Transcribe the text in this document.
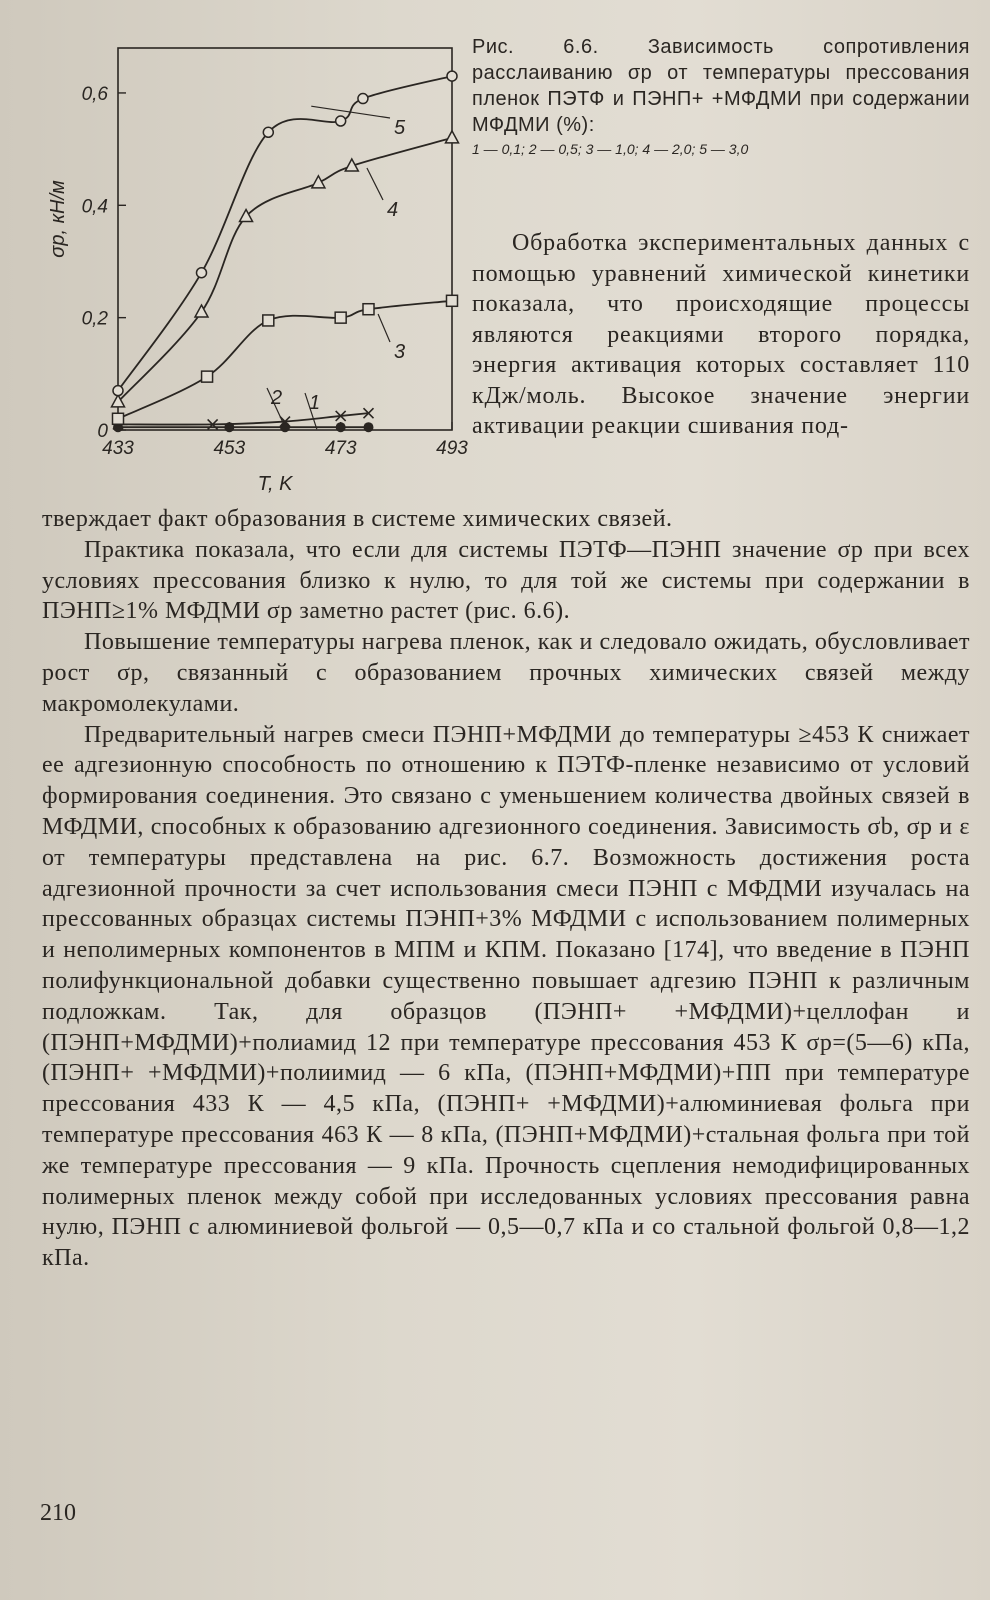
433	453	473	493
0
0,2
0,4
0,6
T, K
σр, кН/м
1
2
3
4
5
Рис. 6.6. Зависимость сопротивления расслаиванию σр от температуры прессования пленок ПЭТФ и ПЭНП+ +МФДМИ при содержании МФДМИ (%):
1 — 0,1; 2 — 0,5; 3 — 1,0; 4 — 2,0; 5 — 3,0
Обработка экспериментальных данных с помощью уравнений химической кинетики показала, что происходящие процессы являются реакциями второго порядка, энергия активация которых составляет 110 кДж/моль. Высокое значение энергии активации реакции сшивания под-

тверждает факт образования в системе химических связей.

Практика показала, что если для системы ПЭТФ—ПЭНП значение σр при всех условиях прессования близко к нулю, то для той же системы при содержании в ПЭНП≥1% МФДМИ σр заметно растет (рис. 6.6).

Повышение температуры нагрева пленок, как и следовало ожидать, обусловливает рост σр, связанный с образованием прочных химических связей между макромолекулами.

Предварительный нагрев смеси ПЭНП+МФДМИ до температуры ≥453 К снижает ее адгезионную способность по отношению к ПЭТФ-пленке независимо от условий формирования соединения. Это связано с уменьшением количества двойных связей в МФДМИ, способных к образованию адгезионного соединения. Зависимость σb, σр и ε от температуры представлена на рис. 6.7. Возможность достижения роста адгезионной прочности за счет использования смеси ПЭНП с МФДМИ изучалась на прессованных образцах системы ПЭНП+3% МФДМИ с использованием полимерных и неполимерных компонентов в МПМ и КПМ. Показано [174], что введение в ПЭНП полифункциональной добавки существенно повышает адгезию ПЭНП к различным подложкам. Так, для образцов (ПЭНП+ +МФДМИ)+целлофан и (ПЭНП+МФДМИ)+полиамид 12 при температуре прессования 453 К σр=(5—6) кПа, (ПЭНП+ +МФДМИ)+полиимид — 6 кПа, (ПЭНП+МФДМИ)+ПП при температуре прессования 433 К — 4,5 кПа, (ПЭНП+ +МФДМИ)+алюминиевая фольга при температуре прессования 463 К — 8 кПа, (ПЭНП+МФДМИ)+стальная фольга при той же температуре прессования — 9 кПа. Прочность сцепления немодифицированных полимерных пленок между собой при исследованных условиях прессования равна нулю, ПЭНП с алюминиевой фольгой — 0,5—0,7 кПа и со стальной фольгой 0,8—1,2 кПа.

210
